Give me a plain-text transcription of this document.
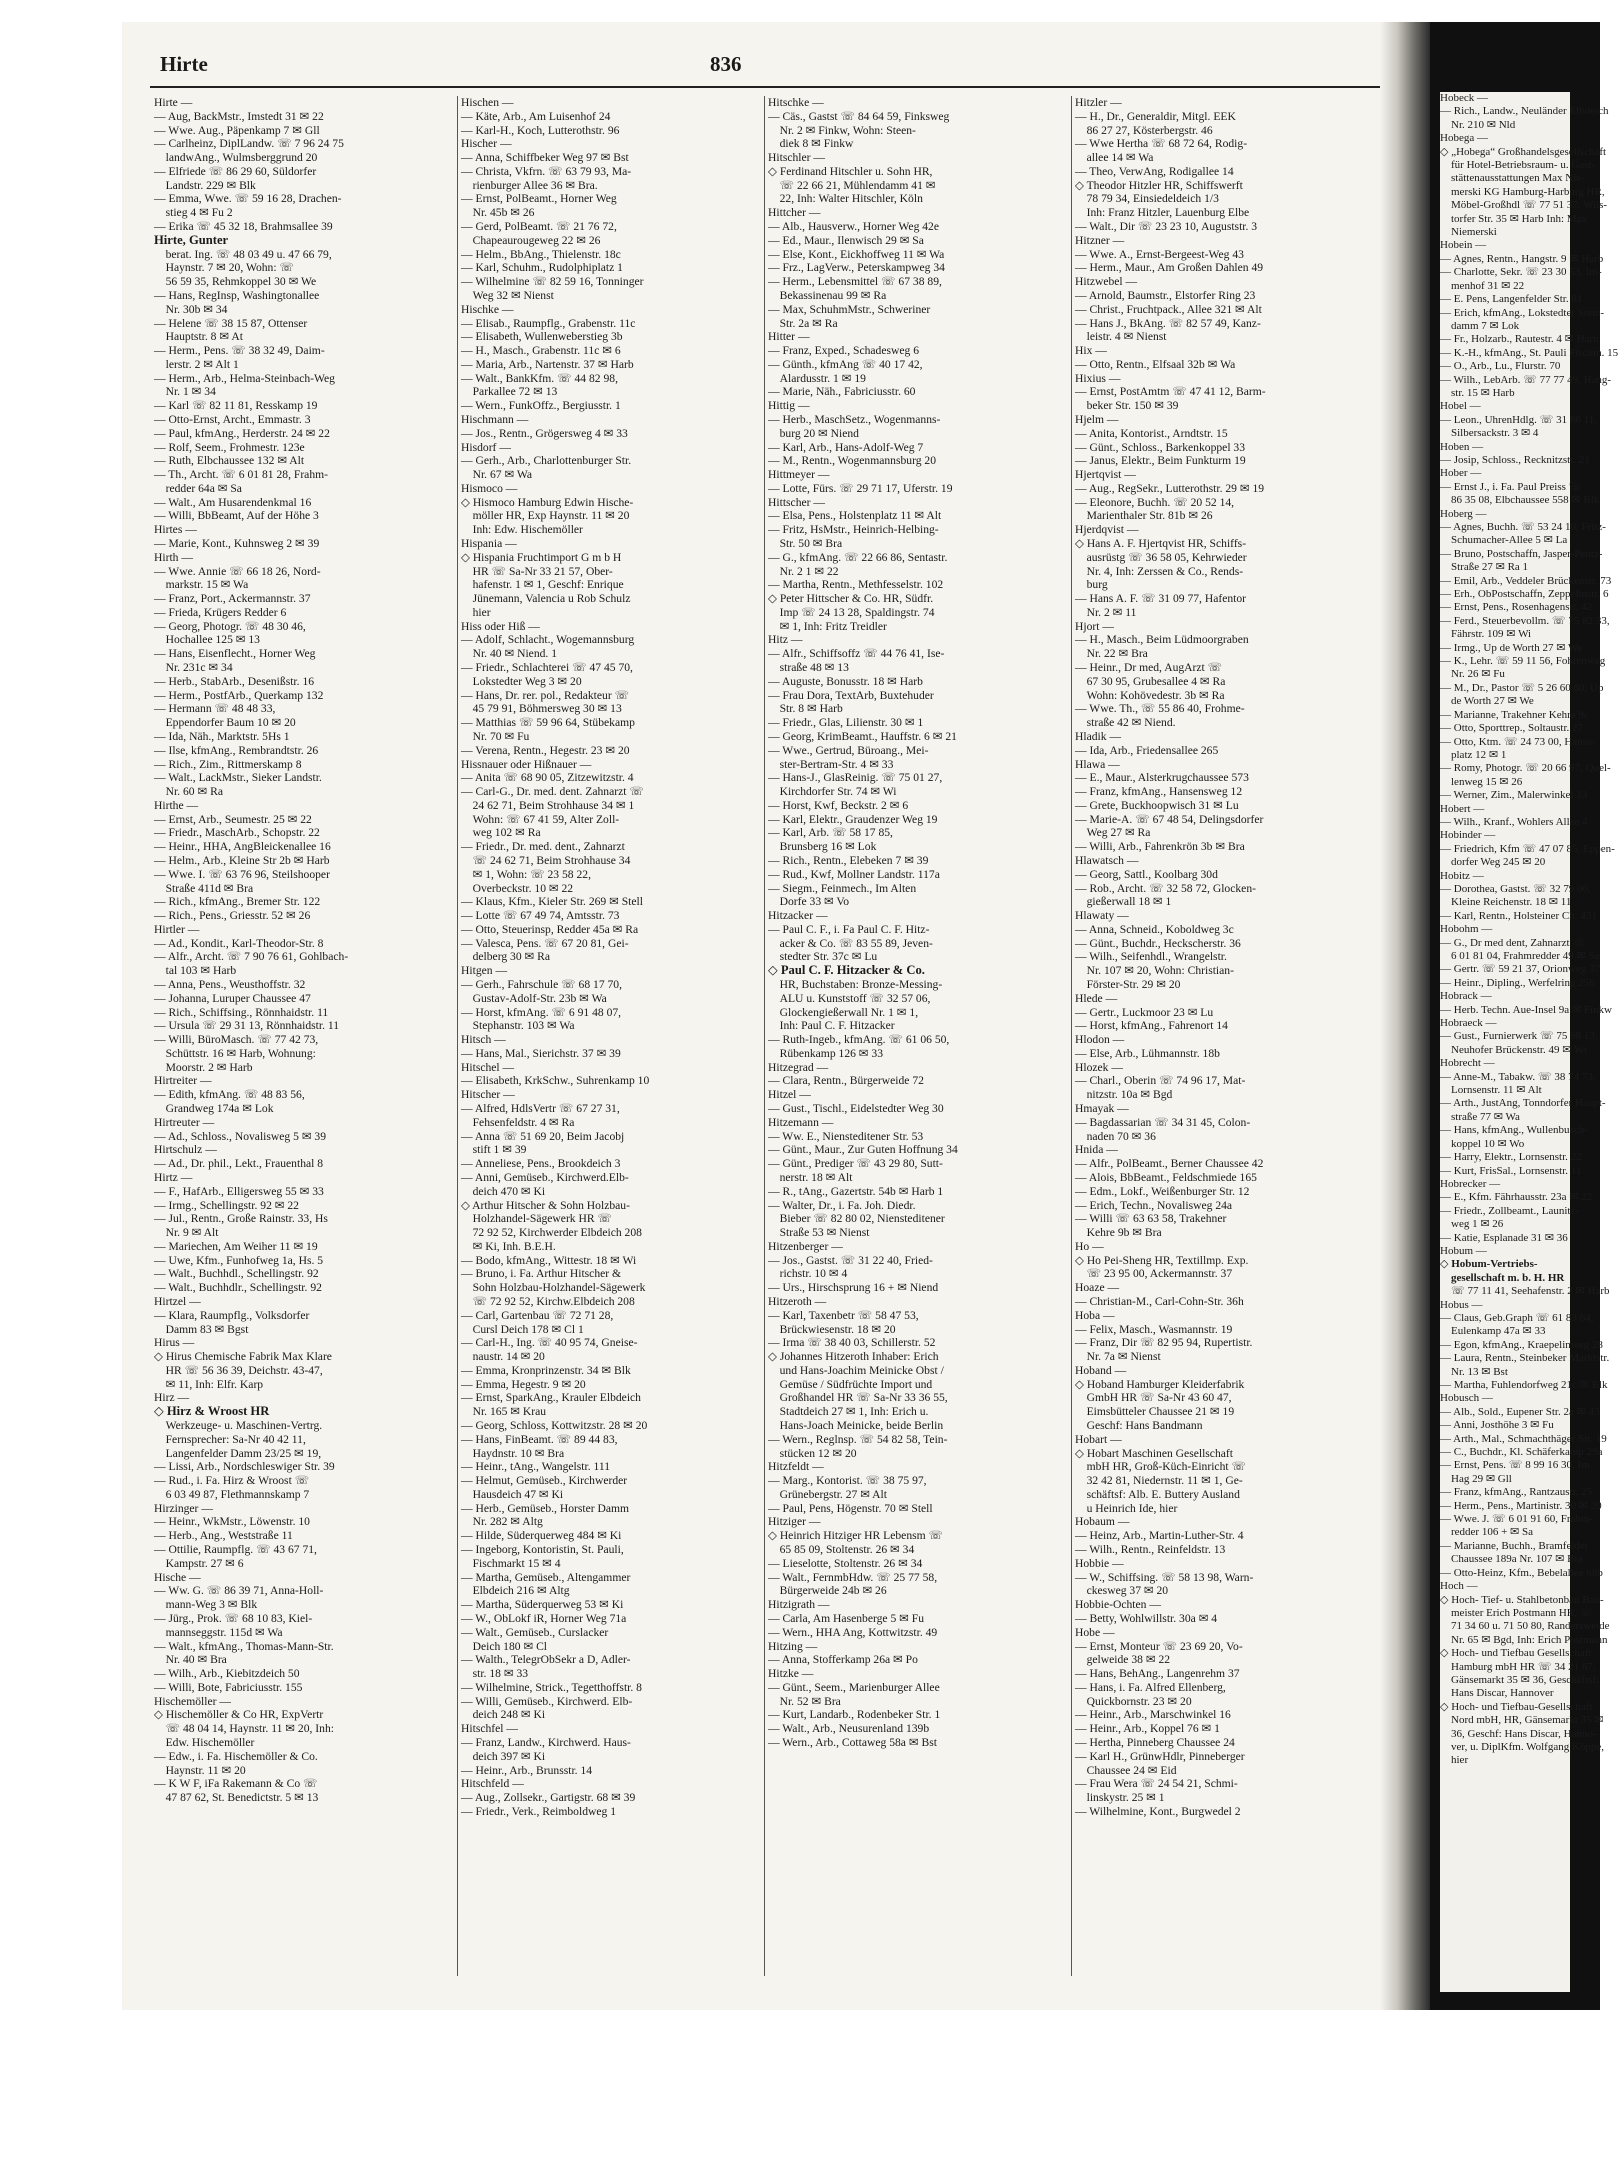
Hirte	836
Hirte —
— Aug, BackMstr., Imstedt 31 ✉ 22
— Wwe. Aug., Päpenkamp 7 ✉ Gll
— Carlheinz, DiplLandw. ☏ 7 96 24 75
 landwAng., Wulmsberggrund 20
— Elfriede ☏ 86 29 60, Süldorfer
 Landstr. 229 ✉ Blk
— Emma, Wwe. ☏ 59 16 28, Drachen-
 stieg 4 ✉ Fu 2
— Erika ☏ 45 32 18, Brahmsallee 39
Hirte, Gunter
 berat. Ing. ☏ 48 03 49 u. 47 66 79,
 Haynstr. 7 ✉ 20, Wohn: ☏
 56 59 35, Rehmkoppel 30 ✉ We
— Hans, RegInsp, Washingtonallee
 Nr. 30b ✉ 34
— Helene ☏ 38 15 87, Ottenser
 Hauptstr. 8 ✉ At
— Herm., Pens. ☏ 38 32 49, Daim-
 lerstr. 2 ✉ Alt 1
— Herm., Arb., Helma-Steinbach-Weg
 Nr. 1 ✉ 34
— Karl ☏ 82 11 81, Resskamp 19
— Otto-Ernst, Archt., Emmastr. 3
— Paul, kfmAng., Herderstr. 24 ✉ 22
— Rolf, Seem., Frohmestr. 123e
— Ruth, Elbchaussee 132 ✉ Alt
— Th., Archt. ☏ 6 01 81 28, Frahm-
 redder 64a ✉ Sa
— Walt., Am Husarendenkmal 16
— Willi, BbBeamt, Auf der Höhe 3
Hirtes —
— Marie, Kont., Kuhnsweg 2 ✉ 39
Hirth —
— Wwe. Annie ☏ 66 18 26, Nord-
 markstr. 15 ✉ Wa
— Franz, Port., Ackermannstr. 37
— Frieda, Krügers Redder 6
— Georg, Photogr. ☏ 48 30 46,
 Hochallee 125 ✉ 13
— Hans, Eisenflecht., Horner Weg
 Nr. 231c ✉ 34
— Herb., StabArb., Desenißstr. 16
— Herm., PostfArb., Querkamp 132
— Hermann ☏ 48 48 33,
 Eppendorfer Baum 10 ✉ 20
— Ida, Näh., Marktstr. 5Hs 1
— Ilse, kfmAng., Rembrandtstr. 26
— Rich., Zim., Rittmerskamp 8
— Walt., LackMstr., Sieker Landstr.
 Nr. 60 ✉ Ra
Hirthe —
— Ernst, Arb., Seumestr. 25 ✉ 22
— Friedr., MaschArb., Schopstr. 22
— Heinr., HHA, AngBleickenallee 16
— Helm., Arb., Kleine Str 2b ✉ Harb
— Wwe. I. ☏ 63 76 96, Steilshooper
 Straße 411d ✉ Bra
— Rich., kfmAng., Bremer Str. 122
— Rich., Pens., Griesstr. 52 ✉ 26
Hirtler —
— Ad., Kondit., Karl-Theodor-Str. 8
— Alfr., Archt. ☏ 7 90 76 61, Gohlbach-
 tal 103 ✉ Harb
— Anna, Pens., Weusthoffstr. 32
— Johanna, Luruper Chaussee 47
— Rich., Schiffsing., Rönnhaidstr. 11
— Ursula ☏ 29 31 13, Rönnhaidstr. 11
— Willi, BüroMasch. ☏ 77 42 73,
 Schüttstr. 16 ✉ Harb, Wohnung:
 Moorstr. 2 ✉ Harb
Hirtreiter —
— Edith, kfmAng. ☏ 48 83 56,
 Grandweg 174a ✉ Lok
Hirtreuter —
— Ad., Schloss., Novalisweg 5 ✉ 39
Hirtschulz —
— Ad., Dr. phil., Lekt., Frauenthal 8
Hirtz —
— F., HafArb., Elligersweg 55 ✉ 33
— Irmg., Schellingstr. 92 ✉ 22
— Jul., Rentn., Große Rainstr. 33, Hs
 Nr. 9 ✉ Alt
— Mariechen, Am Weiher 11 ✉ 19
— Uwe, Kfm., Funhofweg 1a, Hs. 5
— Walt., Buchhdl., Schellingstr. 92
— Walt., Buchhdlr., Schellingstr. 92
Hirtzel —
— Klara, Raumpflg., Volksdorfer
 Damm 83 ✉ Bgst
Hirus —
◇ Hirus Chemische Fabrik Max Klare
 HR ☏ 56 36 39, Deichstr. 43-47,
 ✉ 11, Inh: Elfr. Karp
Hirz —
◇ Hirz & Wroost HR
 Werkzeuge- u. Maschinen-Vertrg.
 Fernsprecher: Sa-Nr 40 42 11,
 Langenfelder Damm 23/25 ✉ 19,
— Lissi, Arb., Nordschleswiger Str. 39
— Rud., i. Fa. Hirz & Wroost ☏
 6 03 49 87, Flethmannskamp 7
Hirzinger —
— Heinr., WkMstr., Löwenstr. 10
— Herb., Ang., Weststraße 11
— Ottilie, Raumpflg. ☏ 43 67 71,
 Kampstr. 27 ✉ 6
Hische —
— Ww. G. ☏ 86 39 71, Anna-Holl-
 mann-Weg 3 ✉ Blk
— Jürg., Prok. ☏ 68 10 83, Kiel-
 mannseggstr. 115d ✉ Wa
— Walt., kfmAng., Thomas-Mann-Str.
 Nr. 40 ✉ Bra
— Wilh., Arb., Kiebitzdeich 50
— Willi, Bote, Fabriciusstr. 155
Hischemöller —
◇ Hischemöller & Co HR, ExpVertr
 ☏ 48 04 14, Haynstr. 11 ✉ 20, Inh:
 Edw. Hischemöller
— Edw., i. Fa. Hischemöller & Co.
 Haynstr. 11 ✉ 20
— K W F, iFa Rakemann & Co ☏
 47 87 62, St. Benedictstr. 5 ✉ 13
Hischen —
— Käte, Arb., Am Luisenhof 24
— Karl-H., Koch, Lutterothstr. 96
Hischer —
— Anna, Schiffbeker Weg 97 ✉ Bst
— Christa, Vkfrn. ☏ 63 79 93, Ma-
 rienburger Allee 36 ✉ Bra.
— Ernst, PolBeamt., Horner Weg
 Nr. 45b ✉ 26
— Gerd, PolBeamt. ☏ 21 76 72,
 Chapeaurougeweg 22 ✉ 26
— Helm., BbAng., Thielenstr. 18c
— Karl, Schuhm., Rudolphiplatz 1
— Wilhelmine ☏ 82 59 16, Tonninger
 Weg 32 ✉ Nienst
Hischke —
— Elisab., Raumpflg., Grabenstr. 11c
— Elisabeth, Wullenweberstieg 3b
— H., Masch., Grabenstr. 11c ✉ 6
— Maria, Arb., Nartenstr. 37 ✉ Harb
— Walt., BankKfm. ☏ 44 82 98,
 Parkallee 72 ✉ 13
— Wern., FunkOffz., Bergiusstr. 1
Hischmann —
— Jos., Rentn., Grögersweg 4 ✉ 33
Hisdorf —
— Gerh., Arb., Charlottenburger Str.
 Nr. 67 ✉ Wa
Hismoco —
◇ Hismoco Hamburg Edwin Hische-
 möller HR, Exp Haynstr. 11 ✉ 20
 Inh: Edw. Hischemöller
Hispania —
◇ Hispania Fruchtimport G m b H
 HR ☏ Sa-Nr 33 21 57, Ober-
 hafenstr. 1 ✉ 1, Geschf: Enrique
 Jünemann, Valencia u Rob Schulz
 hier
Hiss oder Hiß —
— Adolf, Schlacht., Wogemannsburg
 Nr. 40 ✉ Niend. 1
— Friedr., Schlachterei ☏ 47 45 70,
 Lokstedter Weg 3 ✉ 20
— Hans, Dr. rer. pol., Redakteur ☏
 45 79 91, Böhmersweg 30 ✉ 13
— Matthias ☏ 59 96 64, Stübekamp
 Nr. 70 ✉ Fu
— Verena, Rentn., Hegestr. 23 ✉ 20
Hissnauer oder Hißnauer —
— Anita ☏ 68 90 05, Zitzewitzstr. 4
— Carl-G., Dr. med. dent. Zahnarzt ☏
 24 62 71, Beim Strohhause 34 ✉ 1
 Wohn: ☏ 67 41 59, Alter Zoll-
 weg 102 ✉ Ra
— Friedr., Dr. med. dent., Zahnarzt
 ☏ 24 62 71, Beim Strohhause 34
 ✉ 1, Wohn: ☏ 23 58 22,
 Overbeckstr. 10 ✉ 22
— Klaus, Kfm., Kieler Str. 269 ✉ Stell
— Lotte ☏ 67 49 74, Amtsstr. 73
— Otto, Steuerinsp, Redder 45a ✉ Ra
— Valesca, Pens. ☏ 67 20 81, Gei-
 delberg 30 ✉ Ra
Hitgen —
— Gerh., Fahrschule ☏ 68 17 70,
 Gustav-Adolf-Str. 23b ✉ Wa
— Horst, kfmAng. ☏ 6 91 48 07,
 Stephanstr. 103 ✉ Wa
Hitsch —
— Hans, Mal., Sierichstr. 37 ✉ 39
Hitschel —
— Elisabeth, KrkSchw., Suhrenkamp 10
Hitscher —
— Alfred, HdlsVertr ☏ 67 27 31,
 Fehsenfeldstr. 4 ✉ Ra
— Anna ☏ 51 69 20, Beim Jacobj
 stift 1 ✉ 39
— Anneliese, Pens., Brookdeich 3
— Anni, Gemüseb., Kirchwerd.Elb-
 deich 470 ✉ Ki
◇ Arthur Hitscher & Sohn Holzbau-
 Holzhandel-Sägewerk HR ☏
 72 92 52, Kirchwerder Elbdeich 208
 ✉ Ki, Inh. B.E.H.
— Bodo, kfmAng., Wittestr. 18 ✉ Wi
— Bruno, i. Fa. Arthur Hitscher &
 Sohn Holzbau-Holzhandel-Sägewerk
 ☏ 72 92 52, Kirchw.Elbdeich 208
— Carl, Gartenbau ☏ 72 71 28,
 Cursl Deich 178 ✉ Cl 1
— Carl-H., Ing. ☏ 40 95 74, Gneise-
 naustr. 14 ✉ 20
— Emma, Kronprinzenstr. 34 ✉ Blk
— Emma, Hegestr. 9 ✉ 20
— Ernst, SparkAng., Krauler Elbdeich
 Nr. 165 ✉ Krau
— Georg, Schloss, Kottwitzstr. 28 ✉ 20
— Hans, FinBeamt. ☏ 89 44 83,
 Haydnstr. 10 ✉ Bra
— Heinr., tAng., Wangelstr. 111
— Helmut, Gemüseb., Kirchwerder
 Hausdeich 47 ✉ Ki
— Herb., Gemüseb., Horster Damm
 Nr. 282 ✉ Altg
— Hilde, Süderquerweg 484 ✉ Ki
— Ingeborg, Kontoristin, St. Pauli,
 Fischmarkt 15 ✉ 4
— Martha, Gemüseb., Altengammer
 Elbdeich 216 ✉ Altg
— Martha, Süderquerweg 53 ✉ Ki
— W., ObLokf iR, Horner Weg 71a
— Walt., Gemüseb., Curslacker
 Deich 180 ✉ Cl
— Walth., TelegrObSekr a D, Adler-
 str. 18 ✉ 33
— Wilhelmine, Strick., Tegetthoffstr. 8
— Willi, Gemüseb., Kirchwerd. Elb-
 deich 248 ✉ Ki
Hitschfel —
— Franz, Landw., Kirchwerd. Haus-
 deich 397 ✉ Ki
— Heinr., Arb., Brunsstr. 14
Hitschfeld —
— Aug., Zollsekr., Gartigstr. 68 ✉ 39
— Friedr., Verk., Reimboldweg 1
Hitschke —
— Cäs., Gastst ☏ 84 64 59, Finksweg
 Nr. 2 ✉ Finkw, Wohn: Steen-
 diek 8 ✉ Finkw
Hitschler —
◇ Ferdinand Hitschler u. Sohn HR,
 ☏ 22 66 21, Mühlendamm 41 ✉
 22, Inh: Walter Hitschler, Köln
Hittcher —
— Alb., Hausverw., Horner Weg 42e
— Ed., Maur., Ilenwisch 29 ✉ Sa
— Else, Kont., Eickhoffweg 11 ✉ Wa
— Frz., LagVerw., Peterskampweg 34
— Herm., Lebensmittel ☏ 67 38 89,
 Bekassinenau 99 ✉ Ra
— Max, SchuhmMstr., Schweriner
 Str. 2a ✉ Ra
Hitter —
— Franz, Exped., Schadesweg 6
— Günth., kfmAng ☏ 40 17 42,
 Alardusstr. 1 ✉ 19
— Marie, Näh., Fabriciusstr. 60
Hittig —
— Herb., MaschSetz., Wogenmanns-
 burg 20 ✉ Niend
— Karl, Arb., Hans-Adolf-Weg 7
— M., Rentn., Wogenmannsburg 20
Hittmeyer —
— Lotte, Fürs. ☏ 29 71 17, Uferstr. 19
Hittscher —
— Elsa, Pens., Holstenplatz 11 ✉ Alt
— Fritz, HsMstr., Heinrich-Helbing-
 Str. 50 ✉ Bra
— G., kfmAng. ☏ 22 66 86, Sentastr.
 Nr. 2 1 ✉ 22
— Martha, Rentn., Methfesselstr. 102
◇ Peter Hittscher & Co. HR, Südfr.
 Imp ☏ 24 13 28, Spaldingstr. 74
 ✉ 1, Inh: Fritz Treidler
Hitz —
— Alfr., Schiffsoffz ☏ 44 76 41, Ise-
 straße 48 ✉ 13
— Auguste, Bonusstr. 18 ✉ Harb
— Frau Dora, TextArb, Buxtehuder
 Str. 8 ✉ Harb
— Friedr., Glas, Lilienstr. 30 ✉ 1
— Georg, KrimBeamt., Hauffstr. 6 ✉ 21
— Wwe., Gertrud, Büroang., Mei-
 ster-Bertram-Str. 4 ✉ 33
— Hans-J., GlasReinig. ☏ 75 01 27,
 Kirchdorfer Str. 74 ✉ Wi
— Horst, Kwf, Beckstr. 2 ✉ 6
— Karl, Elektr., Graudenzer Weg 19
— Karl, Arb. ☏ 58 17 85,
 Brunsberg 16 ✉ Lok
— Rich., Rentn., Elebeken 7 ✉ 39
— Rud., Kwf, Mollner Landstr. 117a
— Siegm., Feinmech., Im Alten
 Dorfe 33 ✉ Vo
Hitzacker —
— Paul C. F., i. Fa Paul C. F. Hitz-
 acker & Co. ☏ 83 55 89, Jeven-
 stedter Str. 37c ✉ Lu
◇ Paul C. F. Hitzacker & Co.
 HR, Buchstaben: Bronze-Messing-
 ALU u. Kunststoff ☏ 32 57 06,
 Glockengießerwall Nr. 1 ✉ 1,
 Inh: Paul C. F. Hitzacker
— Ruth-Ingeb., kfmAng. ☏ 61 06 50,
 Rübenkamp 126 ✉ 33
Hitzegrad —
— Clara, Rentn., Bürgerweide 72
Hitzel —
— Gust., Tischl., Eidelstedter Weg 30
Hitzemann —
— Ww. E., Niensteditener Str. 53
— Günt., Maur., Zur Guten Hoffnung 34
— Günt., Prediger ☏ 43 29 80, Sutt-
 nerstr. 18 ✉ Alt
— R., tAng., Gazertstr. 54b ✉ Harb 1
— Walter, Dr., i. Fa. Joh. Diedr.
 Bieber ☏ 82 80 02, Niensteditener
 Straße 53 ✉ Nienst
Hitzenberger —
— Jos., Gastst. ☏ 31 22 40, Fried-
 richstr. 10 ✉ 4
— Urs., Hirschsprung 16 + ✉ Niend
Hitzeroth —
— Karl, Taxenbetr ☏ 58 47 53,
 Brückwiesenstr. 18 ✉ 20
— Irma ☏ 38 40 03, Schillerstr. 52
◇ Johannes Hitzeroth Inhaber: Erich
 und Hans-Joachim Meinicke Obst /
 Gemüse / Südfrüchte Import und
 Großhandel HR ☏ Sa-Nr 33 36 55,
 Stadtdeich 27 ✉ 1, Inh: Erich u.
 Hans-Joach Meinicke, beide Berlin
— Wern., Reglnsp. ☏ 54 82 58, Tein-
 stücken 12 ✉ 20
Hitzfeldt —
— Marg., Kontorist. ☏ 38 75 97,
 Grünebergstr. 27 ✉ Alt
— Paul, Pens, Högenstr. 70 ✉ Stell
Hitziger —
◇ Heinrich Hitziger HR Lebensm ☏
 65 85 09, Stoltenstr. 26 ✉ 34
— Lieselotte, Stoltenstr. 26 ✉ 34
— Walt., FernmbHdw. ☏ 25 77 58,
 Bürgerweide 24b ✉ 26
Hitzigrath —
— Carla, Am Hasenberge 5 ✉ Fu
— Wern., HHA Ang, Kottwitzstr. 49
Hitzing —
— Anna, Stofferkamp 26a ✉ Po
Hitzke —
— Günt., Seem., Marienburger Allee
 Nr. 52 ✉ Bra
— Kurt, Landarb., Rodenbeker Str. 1
— Walt., Arb., Neusurenland 139b
— Wern., Arb., Cottaweg 58a ✉ Bst
Hitzler —
— H., Dr., Generaldir, Mitgl. EEK
 86 27 27, Kösterbergstr. 46
— Wwe Hertha ☏ 68 72 64, Rodig-
 allee 14 ✉ Wa
— Theo, VerwAng, Rodigallee 14
◇ Theodor Hitzler HR, Schiffswerft
 78 79 34, Einsiedeldeich 1/3
 Inh: Franz Hitzler, Lauenburg Elbe
— Walt., Dir ☏ 23 23 10, Auguststr. 3
Hitzner —
— Wwe. A., Ernst-Bergeest-Weg 43
— Herm., Maur., Am Großen Dahlen 49
Hitzwebel —
— Arnold, Baumstr., Elstorfer Ring 23
— Christ., Fruchtpack., Allee 321 ✉ Alt
— Hans J., BkAng. ☏ 82 57 49, Kanz-
 leistr. 4 ✉ Nienst
Hix —
— Otto, Rentn., Elfsaal 32b ✉ Wa
Hixius —
— Ernst, PostAmtm ☏ 47 41 12, Barm-
 beker Str. 150 ✉ 39
Hjelm —
— Anita, Kontorist., Arndtstr. 15
— Günt., Schloss., Barkenkoppel 33
— Janus, Elektr., Beim Funkturm 19
Hjertqvist —
— Aug., RegSekr., Lutterothstr. 29 ✉ 19
— Eleonore, Buchh. ☏ 20 52 14,
 Marienthaler Str. 81b ✉ 26
Hjerdqvist —
◇ Hans A. F. Hjertqvist HR, Schiffs-
 ausrüstg ☏ 36 58 05, Kehrwieder
 Nr. 4, Inh: Zerssen & Co., Rends-
 burg
— Hans A. F. ☏ 31 09 77, Hafentor
 Nr. 2 ✉ 11
Hjort —
— H., Masch., Beim Lüdmoorgraben
 Nr. 22 ✉ Bra
— Heinr., Dr med, AugArzt ☏
 67 30 95, Grubesallee 4 ✉ Ra
 Wohn: Kohövedestr. 3b ✉ Ra
— Wwe. Th., ☏ 55 86 40, Frohme-
 straße 42 ✉ Niend.
Hladik —
— Ida, Arb., Friedensallee 265
Hlawa —
— E., Maur., Alsterkrugchaussee 573
— Franz, kfmAng., Hansensweg 12
— Grete, Buckhoopwisch 31 ✉ Lu
— Marie-A. ☏ 67 48 54, Delingsdorfer
 Weg 27 ✉ Ra
— Willi, Arb., Fahrenkrön 3b ✉ Bra
Hlawatsch —
— Georg, Sattl., Koolbarg 30d
— Rob., Archt. ☏ 32 58 72, Glocken-
 gießerwall 18 ✉ 1
Hlawaty —
— Anna, Schneid., Koboldweg 3c
— Günt., Buchdr., Heckscherstr. 36
— Wilh., Seifenhdl., Wrangelstr.
 Nr. 107 ✉ 20, Wohn: Christian-
 Förster-Str. 29 ✉ 20
Hlede —
— Gertr., Luckmoor 23 ✉ Lu
— Horst, kfmAng., Fahrenort 14
Hlodon —
— Else, Arb., Lühmannstr. 18b
Hlozek —
— Charl., Oberin ☏ 74 96 17, Mat-
 nitzstr. 10a ✉ Bgd
Hmayak —
— Bagdassarian ☏ 34 31 45, Colon-
 naden 70 ✉ 36
Hnida —
— Alfr., PolBeamt., Berner Chaussee 42
— Alois, BbBeamt., Feldschmiede 165
— Edm., Lokf., Weißenburger Str. 12
— Erich, Techn., Novalisweg 24a
— Willi ☏ 63 63 58, Trakehner
 Kehre 9b ✉ Bra
Ho —
◇ Ho Pei-Sheng HR, Textillmp. Exp.
 ☏ 23 95 00, Ackermannstr. 37
Hoaze —
— Christian-M., Carl-Cohn-Str. 36h
Hoba —
— Felix, Masch., Wasmannstr. 19
— Franz, Dir ☏ 82 95 94, Rupertistr.
 Nr. 7a ✉ Nienst
Hoband —
◇ Hoband Hamburger Kleiderfabrik
 GmbH HR ☏ Sa-Nr 43 60 47,
 Eimsbütteler Chaussee 21 ✉ 19
 Geschf: Hans Bandmann
Hobart —
◇ Hobart Maschinen Gesellschaft
 mbH HR, Groß-Küch-Einricht ☏
 32 42 81, Niedernstr. 11 ✉ 1, Ge-
 schäftsf: Alb. E. Buttery Ausland
 u Heinrich Ide, hier
Hobaum —
— Heinz, Arb., Martin-Luther-Str. 4
— Wilh., Rentn., Reinfeldstr. 13
Hobbie —
— W., Schiffsing. ☏ 58 13 98, Warn-
 ckesweg 37 ✉ 20
Hobbie-Ochten —
— Betty, Wohlwillstr. 30a ✉ 4
Hobe —
— Ernst, Monteur ☏ 23 69 20, Vo-
 gelweide 38 ✉ 22
— Hans, BehAng., Langenrehm 37
— Hans, i. Fa. Alfred Ellenberg,
 Quickbornstr. 23 ✉ 20
— Heinr., Arb., Marschwinkel 16
— Heinr., Arb., Koppel 76 ✉ 1
— Hertha, Pinneberg Chaussee 24
— Karl H., GrünwHdlr, Pinneberger
 Chaussee 24 ✉ Eid
— Frau Wera ☏ 24 54 21, Schmi-
 linskystr. 25 ✉ 1
— Wilhelmine, Kont., Burgwedel 2
Hobeck —
— Rich., Landw., Neuländer Elbdeich
 Nr. 210 ✉ Nld
Hobega —
◇ „Hobega“ Großhandelsgesellschaft
 für Hotel-Betriebsraum- u. Gast-
 stättenausstattungen Max Nie-
 merski KG Hamburg-Harburg HR,
 Möbel-Großhdl ☏ 77 51 37, Wils-
 torfer Str. 35 ✉ Harb Inh: Max
 Niemerski
Hobein —
— Agnes, Rentn., Hangstr. 9 ✉ Harb
— Charlotte, Sekr. ☏ 23 30 53, Im-
 menhof 31 ✉ 22
— E. Pens, Langenfelder Str. 81
— Erich, kfmAng., Lokstedter Stein-
 damm 7 ✉ Lok
— Fr., Holzarb., Rautestr. 4 ✉ Harb
— K.-H., kfmAng., St. Pauli Fischm. 15
— O., Arb., Lu., Flurstr. 70
— Wilh., LebArb. ☏ 77 77 49, Hang-
 str. 15 ✉ Harb
Hobel —
— Leon., UhrenHdlg. ☏ 31 66 11,
 Silbersackstr. 3 ✉ 4
Hoben —
— Josip, Schloss., Recknitzstr. 21
Hober —
— Ernst J., i. Fa. Paul Preiss ☏
 86 35 08, Elbchaussee 558 ✉ Blk
Hoberg —
— Agnes, Buchh. ☏ 53 24 10, Fritz-
 Schumacher-Allee 5 ✉ La
— Bruno, Postschaffn, Jasper-Pentz-
 Straße 27 ✉ Ra 1
— Emil, Arb., Veddeler Brückenstr. 73
— Erh., ObPostschaffn, Zeppelinstr. 6
— Ernst, Pens., Rosenhagenstr. 42
— Ferd., Steuerbevollm. ☏ 75 82 33,
 Fährstr. 109 ✉ Wi
— Irmg., Up de Worth 27 ✉ We
— K., Lehr. ☏ 59 11 56, Fohrenweg
 Nr. 26 ✉ Fu
— M., Dr., Pastor ☏ 5 26 60 80, Up
 de Worth 27 ✉ We
— Marianne, Trakehner Kehre 9c
— Otto, Sporttrep., Soltaustr. 27
— Otto, Ktm. ☏ 24 73 00, Hansa-
 platz 12 ✉ 1
— Romy, Photogr. ☏ 20 66 97, Quel-
 lenweg 15 ✉ 26
— Werner, Zim., Malerwinkel 13
Hobert —
— Wilh., Kranf., Wohlers Allee 4
Hobinder —
— Friedrich, Kfm ☏ 47 07 85, Eppen-
 dorfer Weg 245 ✉ 20
Hobitz —
— Dorothea, Gastst. ☏ 32 79 06,
 Kleine Reichenstr. 18 ✉ 11
— Karl, Rentn., Holsteiner Ch. 431
Hobohm —
— G., Dr med dent, Zahnarzt ☏
 6 01 81 04, Frahmredder 49 ✉ Sa
— Gertr. ☏ 59 21 37, Orionweg 37
— Heinr., Dipling., Werfelring 25b
Hobrack —
— Herb. Techn. Aue-Insel 9a ✉ Finkw
Hobraeck —
— Gust., Furnierwerk ☏ 75 98 13,
 Neuhofer Brückenstr. 49 ✉ Wi
Hobrecht —
— Anne-M., Tabakw. ☏ 38 74 73,
 Lornsenstr. 11 ✉ Alt
— Arth., JustAng, Tonndorfer Haupt-
 straße 77 ✉ Wa
— Hans, kfmAng., Wullenbusch-
 koppel 10 ✉ Wo
— Harry, Elektr., Lornsenstr. 22
— Kurt, FrisSal., Lornsenstr. 11
Hobrecker —
— E., Kfm. Fährhausstr. 23a ✉ 22
— Friedr., Zollbeamt., Launitz-
 weg 1 ✉ 26
— Katie, Esplanade 31 ✉ 36
Hobum —
◇ Hobum-Vertriebs-
 gesellschaft m. b. H. HR
 ☏ 77 11 41, Seehafenstr. 2 ✉ Harb
Hobus —
— Claus, Geb.Graph ☏ 61 83 64,
 Eulenkamp 47a ✉ 33
— Egon, kfmAng., Kraepelinweg 28
— Laura, Rentn., Steinbeker Marktstr.
 Nr. 13 ✉ Bst
— Martha, Fuhlendorfweg 21c ✉ Blk
Hobusch —
— Alb., Sold., Eupener Str. 2a ✉ 43
— Anni, Josthöhe 3 ✉ Fu
— Arth., Mal., Schmachthäger Str. 19
— C., Buchdr., Kl. Schäferkamp 29a
— Ernst, Pens. ☏ 8 99 16 30, Im
 Hag 29 ✉ Gll
— Franz, kfmAng., Rantzaustr. 25
— Herm., Pens., Martinistr. 30 ✉ 20
— Wwe. J. ☏ 6 01 91 60, Frahm-
 redder 106 + ✉ Sa
— Marianne, Buchh., Bramfelder
 Chaussee 189a Nr. 107 ✉ Bra
— Otto-Heinz, Kfm., Bebelallee 68b
Hoch —
◇ Hoch- Tief- u. Stahlbetonbau Bau-
 meister Erich Postmann HR, ☏
 71 34 60 u. 71 50 80, Randersweide
 Nr. 65 ✉ Bgd, Inh: Erich Postmann
◇ Hoch- und Tiefbau Gesellschaft
 Hamburg mbH HR ☏ 34 21 67,
 Gänsemarkt 35 ✉ 36, Geschäftsf:
 Hans Discar, Hannover
◇ Hoch- und Tiefbau-Gesellschaft
 Nord mbH, HR, Gänsemarkt 35 ✉
 36, Geschf: Hans Discar, Hanno-
 ver, u. DiplKfm. Wolfgang Köppe,
 hier
